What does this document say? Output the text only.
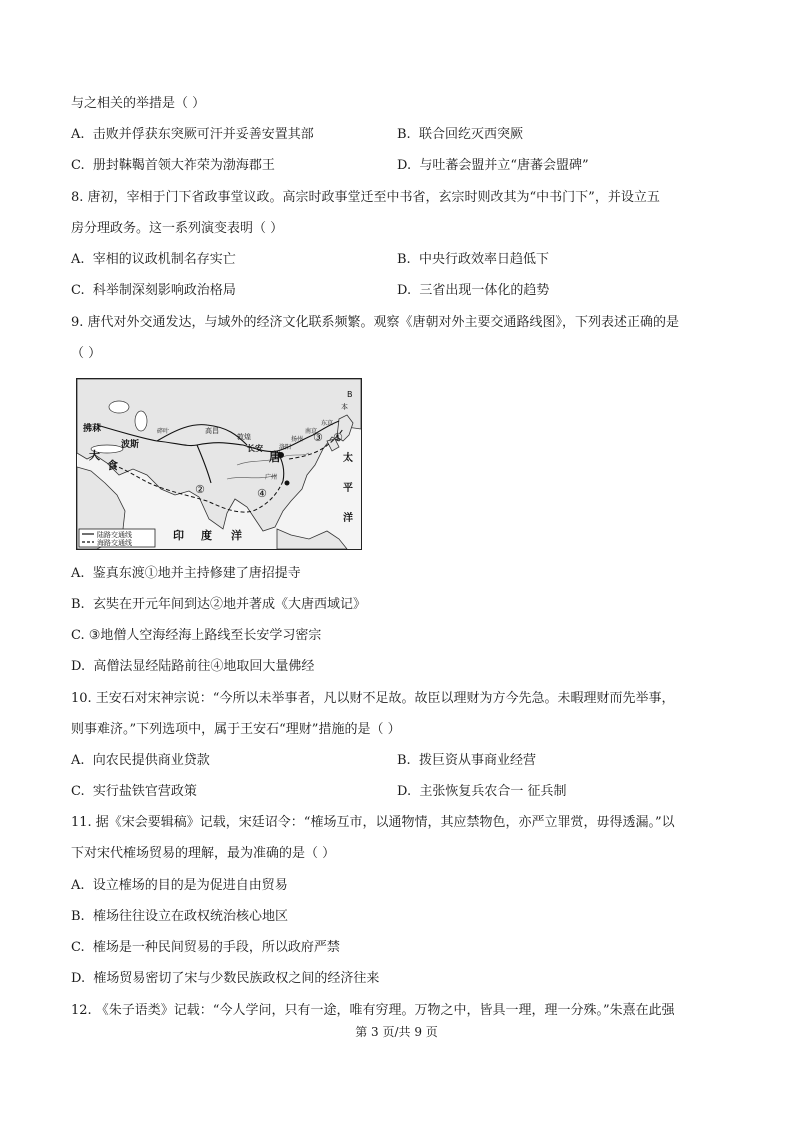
与之相关的举措是（ ）
A. 击败并俘获东突厥可汗并妥善安置其部	B. 联合回纥灭西突厥
C. 册封靺鞨首领大祚荣为渤海郡王	D. 与吐蕃会盟并立“唐蕃会盟碑”
8. 唐初，宰相于门下省政事堂议政。高宗时政事堂迁至中书省，玄宗时则改其为“中书门下”，并设立五
房分理政务。这一系列演变表明（ ）
A. 宰相的议政机制名存实亡	B. 中央行政效率日趋低下
C. 科举制深刻影响政治格局	D. 三省出现一体化的趋势
9. 唐代对外交通发达，与域外的经济文化联系频繁。观察《唐朝对外主要交通路线图》，下列表述正确的是
（ ）
陆路交通线
海路交通线
拂菻
大
食
波斯
碎叶	高昌
敦煌
长安
唐
广州
洛阳
扬州
南京
东京
本
B
太
平
洋
印 度 洋
③ ①
②	④
A. 鉴真东渡①地并主持修建了唐招提寺
B. 玄奘在开元年间到达②地并著成《大唐西域记》
C. ③地僧人空海经海上路线至长安学习密宗
D. 高僧法显经陆路前往④地取回大量佛经
10. 王安石对宋神宗说：“今所以未举事者，凡以财不足故。故臣以理财为方今先急。未暇理财而先举事，
则事难济。”下列选项中，属于王安石“理财”措施的是（ ）
A. 向农民提供商业贷款	B. 拨巨资从事商业经营
C. 实行盐铁官营政策	D. 主张恢复兵农合一 征兵制
11. 据《宋会要辑稿》记载，宋廷诏令：“榷场互市，以通物情，其应禁物色，亦严立罪赏，毋得透漏。”以
下对宋代榷场贸易的理解，最为准确的是（ ）
A. 设立榷场的目的是为促进自由贸易
B. 榷场往往设立在政权统治核心地区
C. 榷场是一种民间贸易的手段，所以政府严禁
D. 榷场贸易密切了宋与少数民族政权之间的经济往来
12. 《朱子语类》记载：“今人学问，只有一途，唯有穷理。万物之中，皆具一理，理一分殊。”朱熹在此强
第 3 页/共 9 页
